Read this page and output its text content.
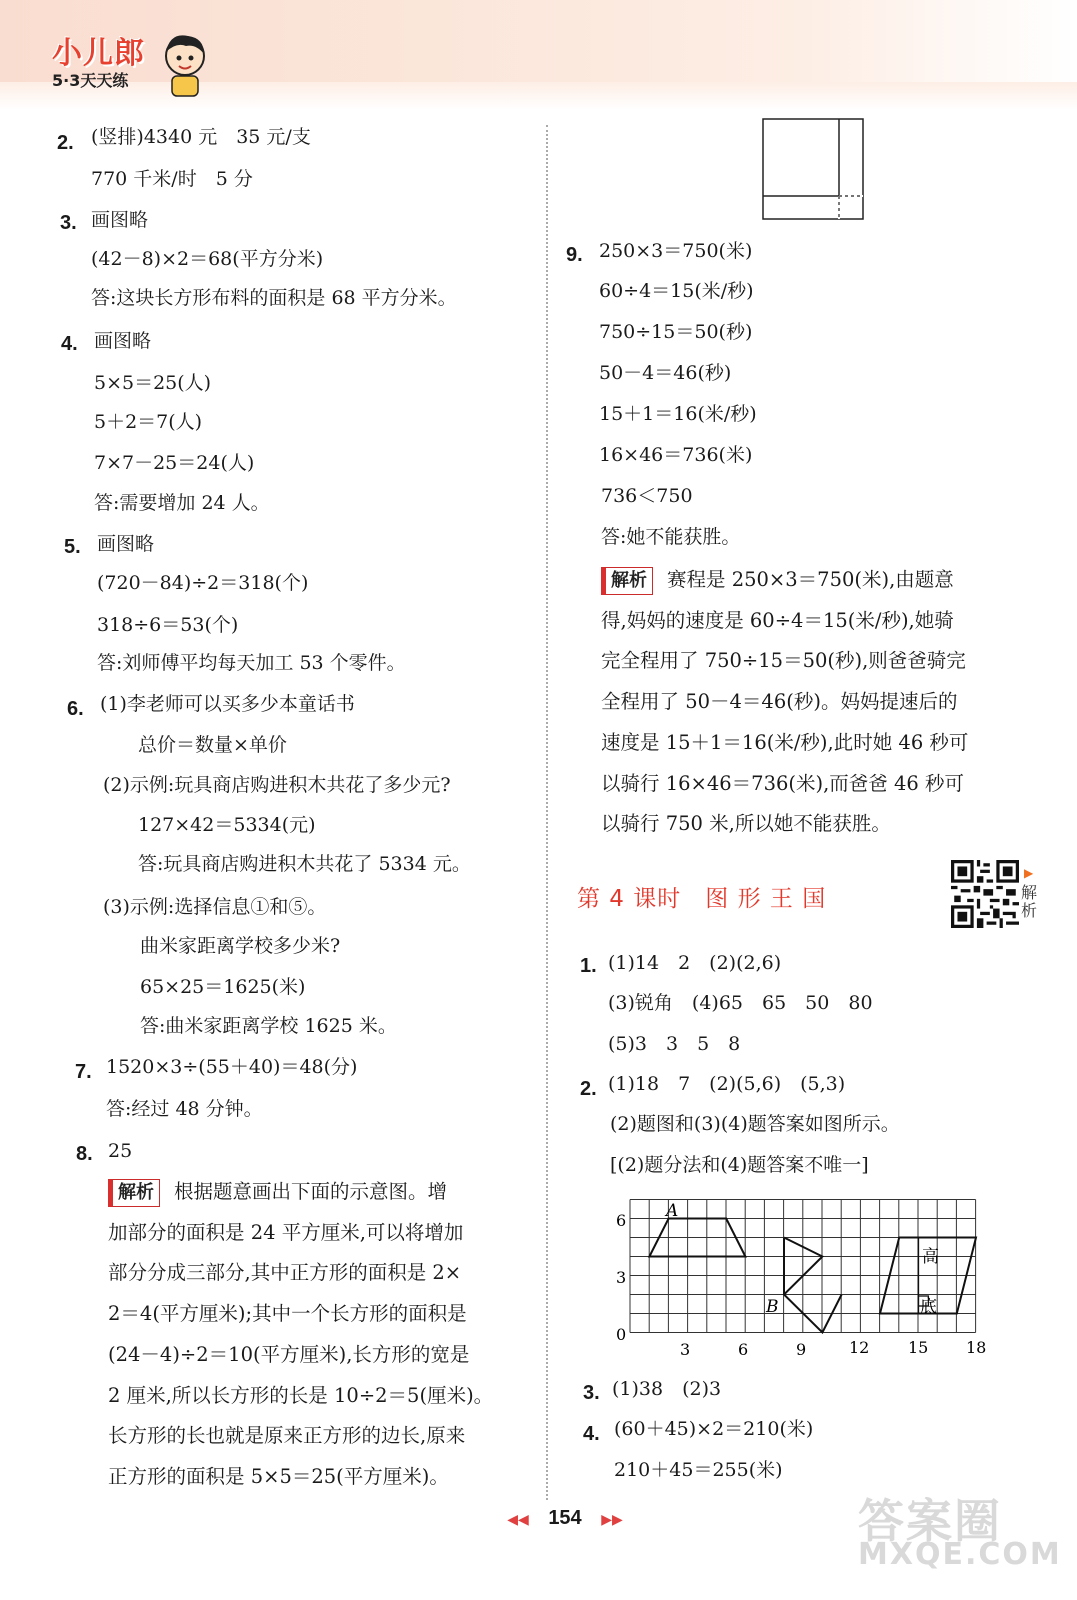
小儿郎
5·3天天练
2. (竖排)4340 元　35 元/支
770 千米/时　5 分
3. 画图略
(42－8)×2＝68(平方分米)
答:这块长方形布料的面积是 68 平方分米。
4. 画图略
5×5＝25(人)
5＋2＝7(人)
7×7－25＝24(人)
答:需要增加 24 人。
5. 画图略
(720－84)÷2＝318(个)
318÷6＝53(个)
答:刘师傅平均每天加工 53 个零件。
6. (1)李老师可以买多少本童话书
总价＝数量×单价
(2)示例:玩具商店购进积木共花了多少元?
127×42＝5334(元)
答:玩具商店购进积木共花了 5334 元。
(3)示例:选择信息①和⑤。
曲米家距离学校多少米?
65×25＝1625(米)
答:曲米家距离学校 1625 米。
7. 1520×3÷(55＋40)＝48(分)
答:经过 48 分钟。
8. 25
解析 根据题意画出下面的示意图。增
加部分的面积是 24 平方厘米,可以将增加
部分分成三部分,其中正方形的面积是 2×
2＝4(平方厘米);其中一个长方形的面积是
(24－4)÷2＝10(平方厘米),长方形的宽是
2 厘米,所以长方形的长是 10÷2＝5(厘米)。
长方形的长也就是原来正方形的边长,原来
正方形的面积是 5×5＝25(平方厘米)。
9. 250×3＝750(米)
60÷4＝15(米/秒)
750÷15＝50(秒)
50－4＝46(秒)
15＋1＝16(米/秒)
16×46＝736(米)
736＜750
答:她不能获胜。
解析 赛程是 250×3＝750(米),由题意
得,妈妈的速度是 60÷4＝15(米/秒),她骑
完全程用了 750÷15＝50(秒),则爸爸骑完
全程用了 50－4＝46(秒)。妈妈提速后的
速度是 15＋1＝16(米/秒),此时她 46 秒可
以骑行 16×46＝736(米),而爸爸 46 秒可
以骑行 750 米,所以她不能获胜。
第 4 课时　图 形 王 国
▶
解析
1. (1)14　2　(2)(2,6)
(3)锐角　(4)65　65　50　80
(5)3　3　5　8
2. (1)18　7　(2)(5,6)　(5,3)
(2)题图和(3)(4)题答案如图所示。
[(2)题分法和(4)题答案不唯一]
A
B
高
底
0
3
6
3	6	9	12 15 18
3. (1)38　(2)3
4. (60＋45)×2＝210(米)
210＋45＝255(米)
◀◀ 154 ▶▶	答案圈
MXQE.COM
